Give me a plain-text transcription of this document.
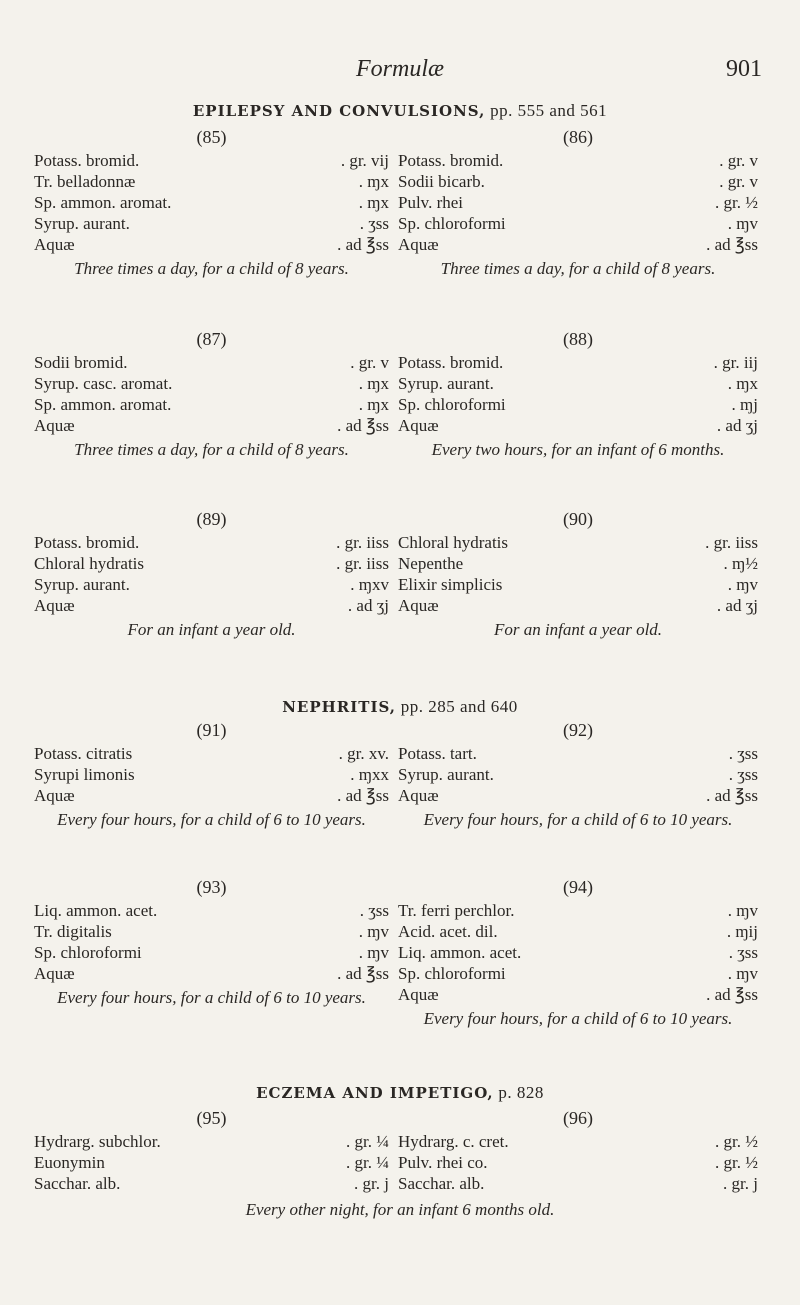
Formulæ	901
EPILEPSY AND CONVULSIONS, pp. 555 and 561
(85)
Potass. bromid.	. gr. vij
Tr. belladonnæ	. ɱx
Sp. ammon. aromat.	. ɱx
Syrup. aurant.	. ʒss
Aquæ	. ad ℥ss
Three times a day, for a child of 8 years.
(86)
Potass. bromid.	. gr. v
Sodii bicarb.	. gr. v
Pulv. rhei	. gr. ½
Sp. chloroformi	. ɱv
Aquæ	. ad ℥ss
Three times a day, for a child of 8 years.
(87)
Sodii bromid.	. gr. v
Syrup. casc. aromat.	. ɱx
Sp. ammon. aromat.	. ɱx
Aquæ	. ad ℥ss
Three times a day, for a child of 8 years.
(88)
Potass. bromid.	. gr. iij
Syrup. aurant.	. ɱx
Sp. chloroformi	. ɱj
Aquæ	. ad ʒj
Every two hours, for an infant of 6 months.
(89)
Potass. bromid.	. gr. iiss
Chloral hydratis	. gr. iiss
Syrup. aurant.	. ɱxv
Aquæ	. ad ʒj
For an infant a year old.
(90)
Chloral hydratis	. gr. iiss
Nepenthe	. ɱ½
Elixir simplicis	. ɱv
Aquæ	. ad ʒj
For an infant a year old.
NEPHRITIS, pp. 285 and 640
(91)
Potass. citratis	. gr. xv.
Syrupi limonis	. ɱxx
Aquæ	. ad ℥ss
Every four hours, for a child of 6 to 10 years.
(92)
Potass. tart.	. ʒss
Syrup. aurant.	. ʒss
Aquæ	. ad ℥ss
Every four hours, for a child of 6 to 10 years.
(93)
Liq. ammon. acet.	. ʒss
Tr. digitalis	. ɱv
Sp. chloroformi	. ɱv
Aquæ	. ad ℥ss
Every four hours, for a child of 6 to 10 years.
(94)
Tr. ferri perchlor.	. ɱv
Acid. acet. dil.	. ɱij
Liq. ammon. acet.	. ʒss
Sp. chloroformi	. ɱv
Aquæ	. ad ℥ss
Every four hours, for a child of 6 to 10 years.
ECZEMA AND IMPETIGO, p. 828
(95)
Hydrarg. subchlor.	. gr. ¼
Euonymin	. gr. ¼
Sacchar. alb.	. gr. j
(96)
Hydrarg. c. cret.	. gr. ½
Pulv. rhei co.	. gr. ½
Sacchar. alb.	. gr. j
Every other night, for an infant 6 months old.
